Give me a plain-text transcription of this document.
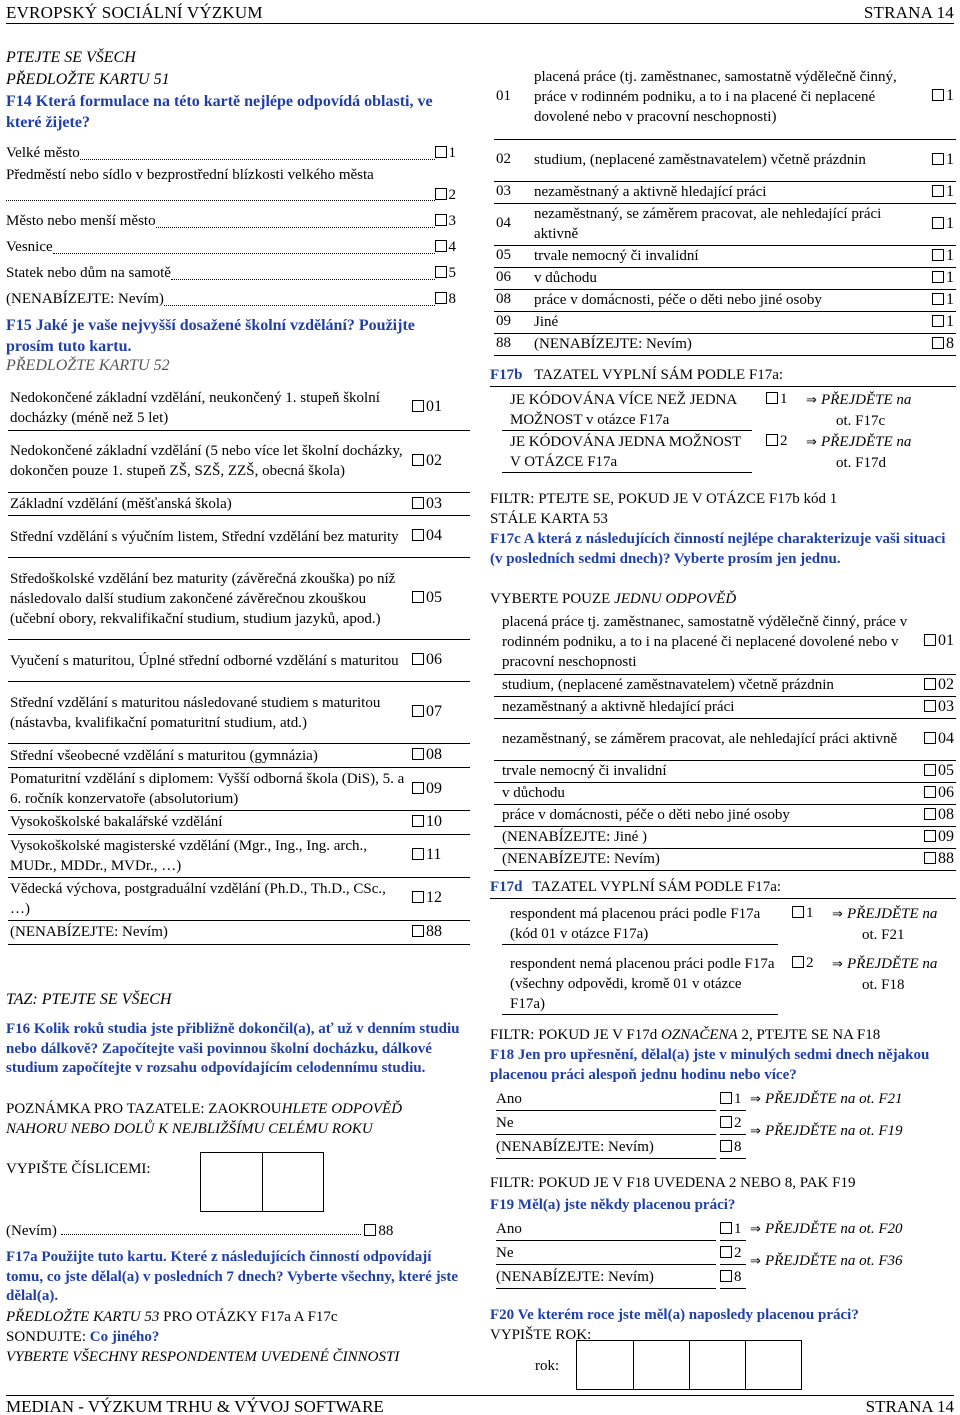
EVROPSKÝ SOCIÁLNÍ VÝZKUM	STRANA 14
PTEJTE SE VŠECH
PŘEDLOŽTE KARTU 51
F14 Která formulace na této kartě nejlépe odpovídá oblasti, ve které žijete?
Velké město	1
Předměstí nebo sídlo v bezprostřední blízkosti velkého města
2
Město nebo menší město	3
Vesnice	4
Statek nebo dům na samotě	5
(NENABÍZEJTE: Nevím)	8
F15 Jaké je vaše nejvyšší dosažené školní vzdělání? Použijte prosím tuto kartu.
PŘEDLOŽTE KARTU 52
Nedokončené základní vzdělání, neukončený 1. stupeň školní docházky (méně než 5 let)	01
Nedokončené základní vzdělání (5 nebo více let školní docházky, dokončen pouze 1. stupeň ZŠ, SZŠ, ZZŠ, obecná škola)	02
Základní vzdělání (měšťanská škola)	03
Střední vzdělání s výučním listem, Střední vzdělání bez maturity	04
Středoškolské vzdělání bez maturity (závěrečná zkouška) po níž následovalo další studium zakončené závěrečnou zkouškou (učební obory, rekvalifikační studium, studium jazyků, apod.)	05
Vyučení s maturitou, Úplné střední odborné vzdělání s maturitou	06
Střední vzdělání s maturitou následované studiem s maturitou (nástavba, kvalifikační pomaturitní studium, atd.)	07
Střední všeobecné vzdělání s maturitou (gymnázia)	08
Pomaturitní vzdělání s diplomem: Vyšší odborná škola (DiS), 5. a 6. ročník konzervatoře (absolutorium)	09
Vysokoškolské bakalářské vzdělání	10
Vysokoškolské magisterské vzdělání (Mgr., Ing., Ing. arch., MUDr., MDDr., MVDr., …)	11
Vědecká výchova, postgraduální vzdělání (Ph.D., Th.D., CSc., …)	12
(NENABÍZEJTE: Nevím)	88
TAZ: PTEJTE SE VŠECH
F16 Kolik roků studia jste přibližně dokončil(a), ať už v denním studiu nebo dálkově? Započítejte vaši povinnou školní docházku, dálkové studium započítejte v rozsahu odpovídajícím celodennímu studiu.
POZNÁMKA PRO TAZATELE: ZAOKROUHLETE ODPOVĚĎ NAHORU NEBO DOLŮ K NEJBLIŽŠÍMU CELÉMU ROKU
VYPIŠTE ČÍSLICEMI:
(Nevím)	88
F17a Použijte tuto kartu. Které z následujících činností odpovídají tomu, co jste dělal(a) v posledních 7 dnech? Vyberte všechny, které jste dělal(a).
PŘEDLOŽTE KARTU 53 PRO OTÁZKY F17a A F17c
SONDUJTE: Co jiného?
VYBERTE VŠECHNY RESPONDENTEM UVEDENÉ ČINNOSTI
01	placená práce (tj. zaměstnanec, samostatně výdělečně činný, práce v rodinném podniku, a to i na placené či neplacené dovolené nebo v pracovní neschopnosti)	1
02	studium, (neplacené zaměstnavatelem) včetně prázdnin	1
03	nezaměstnaný a aktivně hledající práci	1
04	nezaměstnaný, se záměrem pracovat, ale nehledající práci aktivně	1
05	trvale nemocný či invalidní	1
06	v důchodu	1
08	práce v domácnosti, péče o děti nebo jiné osoby	1
09	Jiné	1
88	(NENABÍZEJTE: Nevím)	8
F17b TAZATEL VYPLNÍ SÁM PODLE F17a:
JE KÓDOVÁNA VÍCE NEŽ JEDNA MOŽNOST v otázce F17a
1 ⇒ PŘEJDĚTE na
ot. F17c
JE KÓDOVÁNA JEDNA MOŽNOST V OTÁZCE F17a
2 ⇒ PŘEJDĚTE na
ot. F17d
FILTR: PTEJTE SE, POKUD JE V OTÁZCE F17b kód 1
STÁLE KARTA 53
F17c A která z následujících činností nejlépe charakterizuje vaši situaci (v posledních sedmi dnech)? Vyberte prosím jen jednu.
VYBERTE POUZE JEDNU ODPOVĚĎ
placená práce tj. zaměstnanec, samostatně výdělečně činný, práce v rodinném podniku, a to i na placené či neplacené dovolené nebo v pracovní neschopnosti	01
studium, (neplacené zaměstnavatelem) včetně prázdnin	02
nezaměstnaný a aktivně hledající práci	03
nezaměstnaný, se záměrem pracovat, ale nehledající práci aktivně	04
trvale nemocný či invalidní	05
v důchodu	06
práce v domácnosti, péče o děti nebo jiné osoby	08
(NENABÍZEJTE: Jiné )	09
(NENABÍZEJTE: Nevím)	88
F17d TAZATEL VYPLNÍ SÁM PODLE F17a:
respondent má placenou práci podle F17a (kód 01 v otázce F17a)
1 ⇒ PŘEJDĚTE na
ot. F21
respondent nemá placenou práci podle F17a (všechny odpovědi, kromě 01 v otázce F17a)
2 ⇒ PŘEJDĚTE na
ot. F18
FILTR: POKUD JE V F17d OZNAČENA 2, PTEJTE SE NA F18
F18 Jen pro upřesnění, dělal(a) jste v minulých sedmi dnech nějakou placenou práci alespoň jednu hodinu nebo více?
Ano	1 ⇒ PŘEJDĚTE na ot. F21
Ne	2
⇒ PŘEJDĚTE na ot. F19
(NENABÍZEJTE: Nevím)	8
FILTR: POKUD JE V F18 UVEDENA 2 NEBO 8, PAK F19
F19 Měl(a) jste někdy placenou práci?
Ano	1 ⇒ PŘEJDĚTE na ot. F20
Ne	2
⇒ PŘEJDĚTE na ot. F36
(NENABÍZEJTE: Nevím)	8
F20 Ve kterém roce jste měl(a) naposledy placenou práci?
VYPIŠTE ROK:
rok:
MEDIAN - VÝZKUM TRHU & VÝVOJ SOFTWARE	STRANA 14
